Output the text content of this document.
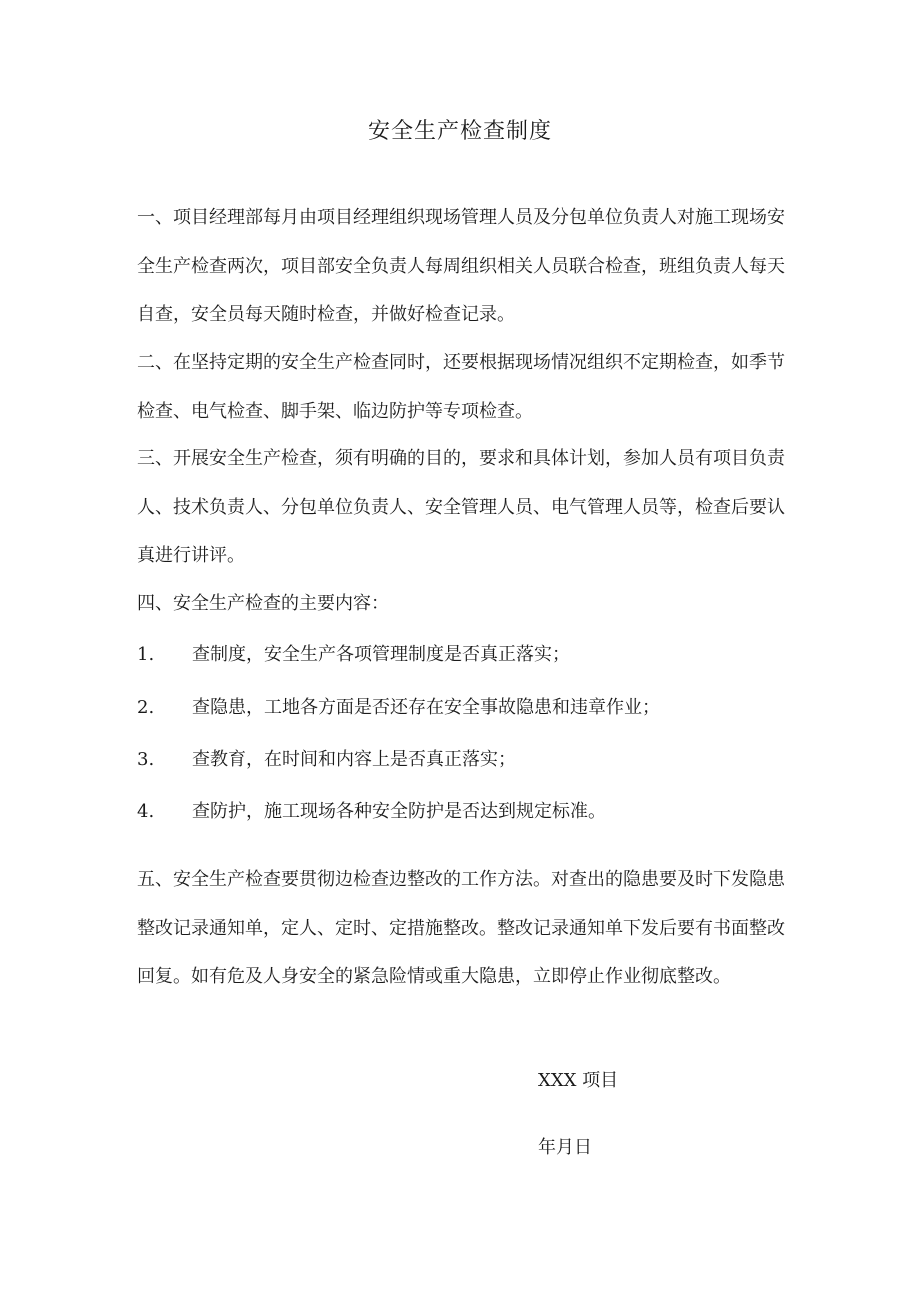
安全生产检查制度
一、项目经理部每月由项目经理组织现场管理人员及分包单位负责人对施工现场安全生产检查两次，项目部安全负责人每周组织相关人员联合检查，班组负责人每天自查，安全员每天随时检查，并做好检查记录。
二、在坚持定期的安全生产检查同时，还要根据现场情况组织不定期检查，如季节检查、电气检查、脚手架、临边防护等专项检查。
三、开展安全生产检查，须有明确的目的，要求和具体计划，参加人员有项目负责人、技术负责人、分包单位负责人、安全管理人员、电气管理人员等，检查后要认真进行讲评。
四、安全生产检查的主要内容：
1. 查制度，安全生产各项管理制度是否真正落实；
2. 查隐患，工地各方面是否还存在安全事故隐患和违章作业；
3. 查教育，在时间和内容上是否真正落实；
4. 查防护，施工现场各种安全防护是否达到规定标准。
五、安全生产检查要贯彻边检查边整改的工作方法。对查出的隐患要及时下发隐患整改记录通知单，定人、定时、定措施整改。整改记录通知单下发后要有书面整改回复。如有危及人身安全的紧急险情或重大隐患，立即停止作业彻底整改。
XXX 项目
年月日
